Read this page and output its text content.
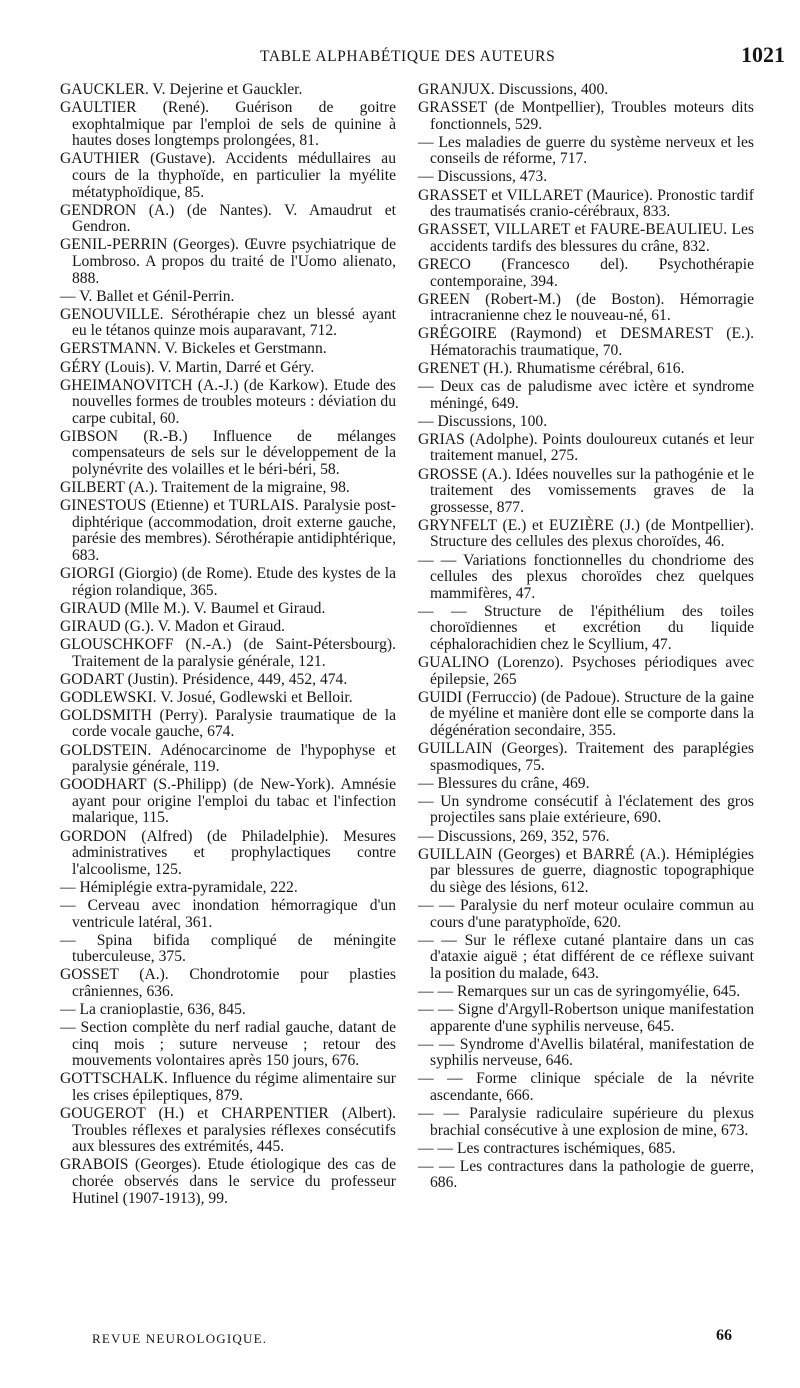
TABLE ALPHABÉTIQUE DES AUTEURS	1021

GAUCKLER. V. Dejerine et Gauckler.

GAULTIER (René). Guérison de goitre exophtalmique par l'emploi de sels de quinine à hautes doses longtemps prolongées, 81.

GAUTHIER (Gustave). Accidents médullaires au cours de la thyphoïde, en particulier la myélite métatyphoïdique, 85.

GENDRON (A.) (de Nantes). V. Amaudrut et Gendron.

GENIL-PERRIN (Georges). Œuvre psychiatrique de Lombroso. A propos du traité de l'Uomo alienato, 888.

— V. Ballet et Génil-Perrin.

GENOUVILLE. Sérothérapie chez un blessé ayant eu le tétanos quinze mois auparavant, 712.

GERSTMANN. V. Bickeles et Gerstmann.

GÉRY (Louis). V. Martin, Darré et Géry.

GHEIMANOVITCH (A.-J.) (de Karkow). Etude des nouvelles formes de troubles moteurs : déviation du carpe cubital, 60.

GIBSON (R.-B.) Influence de mélanges compensateurs de sels sur le développement de la polynévrite des volailles et le béri-béri, 58.

GILBERT (A.). Traitement de la migraine, 98.

GINESTOUS (Etienne) et TURLAIS. Paralysie post-diphtérique (accommodation, droit externe gauche, parésie des membres). Sérothérapie antidiphtérique, 683.

GIORGI (Giorgio) (de Rome). Etude des kystes de la région rolandique, 365.

GIRAUD (Mlle M.). V. Baumel et Giraud.

GIRAUD (G.). V. Madon et Giraud.

GLOUSCHKOFF (N.-A.) (de Saint-Pétersbourg). Traitement de la paralysie générale, 121.

GODART (Justin). Présidence, 449, 452, 474.

GODLEWSKI. V. Josué, Godlewski et Belloir.

GOLDSMITH (Perry). Paralysie traumatique de la corde vocale gauche, 674.

GOLDSTEIN. Adénocarcinome de l'hypophyse et paralysie générale, 119.

GOODHART (S.-Philipp) (de New-York). Amnésie ayant pour origine l'emploi du tabac et l'infection malarique, 115.

GORDON (Alfred) (de Philadelphie). Mesures administratives et prophylactiques contre l'alcoolisme, 125.

— Hémiplégie extra-pyramidale, 222.

— Cerveau avec inondation hémorragique d'un ventricule latéral, 361.

— Spina bifida compliqué de méningite tuberculeuse, 375.

GOSSET (A.). Chondrotomie pour plasties crâniennes, 636.

— La cranioplastie, 636, 845.

— Section complète du nerf radial gauche, datant de cinq mois ; suture nerveuse ; retour des mouvements volontaires après 150 jours, 676.

GOTTSCHALK. Influence du régime alimentaire sur les crises épileptiques, 879.

GOUGEROT (H.) et CHARPENTIER (Albert). Troubles réflexes et paralysies réflexes consécutifs aux blessures des extrémités, 445.

GRABOIS (Georges). Etude étiologique des cas de chorée observés dans le service du professeur Hutinel (1907-1913), 99.

GRANJUX. Discussions, 400.

GRASSET (de Montpellier), Troubles moteurs dits fonctionnels, 529.

— Les maladies de guerre du système nerveux et les conseils de réforme, 717.

— Discussions, 473.

GRASSET et VILLARET (Maurice). Pronostic tardif des traumatisés cranio-cérébraux, 833.

GRASSET, VILLARET et FAURE-BEAULIEU. Les accidents tardifs des blessures du crâne, 832.

GRECO (Francesco del). Psychothérapie contemporaine, 394.

GREEN (Robert-M.) (de Boston). Hémorragie intracranienne chez le nouveau-né, 61.

GRÉGOIRE (Raymond) et DESMAREST (E.). Hématorachis traumatique, 70.

GRENET (H.). Rhumatisme cérébral, 616.

— Deux cas de paludisme avec ictère et syndrome méningé, 649.

— Discussions, 100.

GRIAS (Adolphe). Points douloureux cutanés et leur traitement manuel, 275.

GROSSE (A.). Idées nouvelles sur la pathogénie et le traitement des vomissements graves de la grossesse, 877.

GRYNFELT (E.) et EUZIÈRE (J.) (de Montpellier). Structure des cellules des plexus choroïdes, 46.

— — Variations fonctionnelles du chondriome des cellules des plexus choroïdes chez quelques mammifères, 47.

— — Structure de l'épithélium des toiles choroïdiennes et excrétion du liquide céphalorachidien chez le Scyllium, 47.

GUALINO (Lorenzo). Psychoses périodiques avec épilepsie, 265

GUIDI (Ferruccio) (de Padoue). Structure de la gaine de myéline et manière dont elle se comporte dans la dégénération secondaire, 355.

GUILLAIN (Georges). Traitement des paraplégies spasmodiques, 75.

— Blessures du crâne, 469.

— Un syndrome consécutif à l'éclatement des gros projectiles sans plaie extérieure, 690.

— Discussions, 269, 352, 576.

GUILLAIN (Georges) et BARRÉ (A.). Hémiplégies par blessures de guerre, diagnostic topographique du siège des lésions, 612.

— — Paralysie du nerf moteur oculaire commun au cours d'une paratyphoïde, 620.

— — Sur le réflexe cutané plantaire dans un cas d'ataxie aiguë ; état différent de ce réflexe suivant la position du malade, 643.

— — Remarques sur un cas de syringomyélie, 645.

— — Signe d'Argyll-Robertson unique manifestation apparente d'une syphilis nerveuse, 645.

— — Syndrome d'Avellis bilatéral, manifestation de syphilis nerveuse, 646.

— — Forme clinique spéciale de la névrite ascendante, 666.

— — Paralysie radiculaire supérieure du plexus brachial consécutive à une explosion de mine, 673.

— — Les contractures ischémiques, 685.

— — Les contractures dans la pathologie de guerre, 686.

REVUE NEUROLOGIQUE.	66
